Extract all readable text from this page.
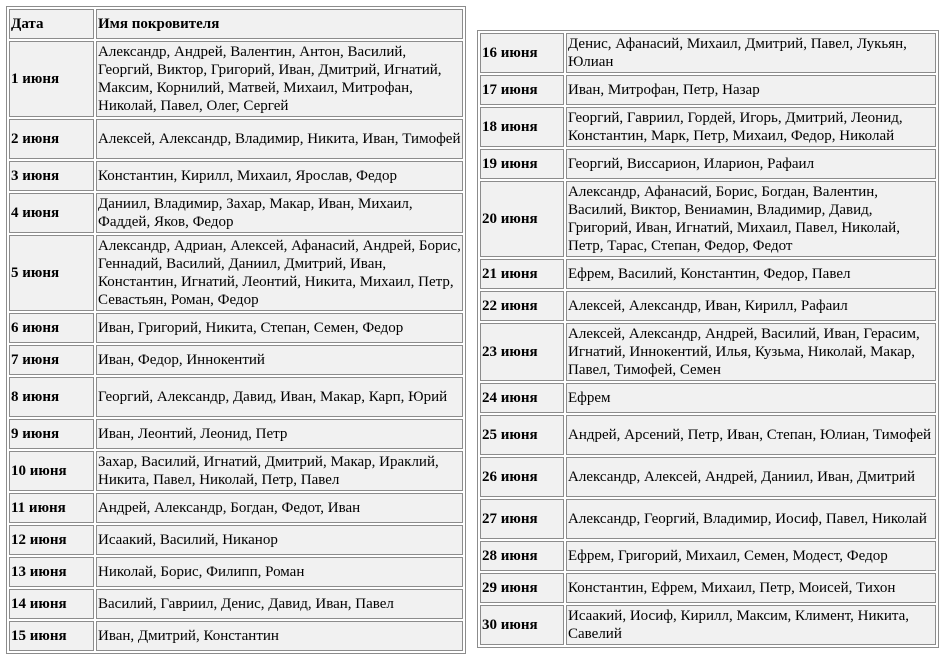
Дата	Имя покровителя
1 июня	Александр, Андрей, Валентин, Антон, Василий, Георгий, Виктор, Григорий, Иван, Дмитрий, Игнатий, Максим, Корнилий, Матвей, Михаил, Митрофан, Николай, Павел, Олег, Сергей
2 июня	Алексей, Александр, Владимир, Никита, Иван, Тимофей
3 июня	Константин, Кирилл, Михаил, Ярослав, Федор
4 июня	Даниил, Владимир, Захар, Макар, Иван, Михаил, Фаддей, Яков, Федор
5 июня	Александр, Адриан, Алексей, Афанасий, Андрей, Борис, Геннадий, Василий, Даниил, Дмитрий, Иван, Константин, Игнатий, Леонтий, Никита, Михаил, Петр, Севастьян, Роман, Федор
6 июня	Иван, Григорий, Никита, Степан, Семен, Федор
7 июня	Иван, Федор, Иннокентий
8 июня	Георгий, Александр, Давид, Иван, Макар, Карп, Юрий
9 июня	Иван, Леонтий, Леонид, Петр
10 июня	Захар, Василий, Игнатий, Дмитрий, Макар, Ираклий, Никита, Павел, Николай, Петр, Павел
11 июня	Андрей, Александр, Богдан, Федот, Иван
12 июня	Исаакий, Василий, Никанор
13 июня	Николай, Борис, Филипп, Роман
14 июня	Василий, Гавриил, Денис, Давид, Иван, Павел
15 июня	Иван, Дмитрий, Константин
16 июня	Денис, Афанасий, Михаил, Дмитрий, Павел, Лукьян, Юлиан
17 июня	Иван, Митрофан, Петр, Назар
18 июня	Георгий, Гавриил, Гордей, Игорь, Дмитрий, Леонид, Константин, Марк, Петр, Михаил, Федор, Николай
19 июня	Георгий, Виссарион, Иларион, Рафаил
20 июня	Александр, Афанасий, Борис, Богдан, Валентин, Василий, Виктор, Вениамин, Владимир, Давид, Григорий, Иван, Игнатий, Михаил, Павел, Николай, Петр, Тарас, Степан, Федор, Федот
21 июня	Ефрем, Василий, Константин, Федор, Павел
22 июня	Алексей, Александр, Иван, Кирилл, Рафаил
23 июня	Алексей, Александр, Андрей, Василий, Иван, Герасим, Игнатий, Иннокентий, Илья, Кузьма, Николай, Макар, Павел, Тимофей, Семен
24 июня	Ефрем
25 июня	Андрей, Арсений, Петр, Иван, Степан, Юлиан, Тимофей
26 июня	Александр, Алексей, Андрей, Даниил, Иван, Дмитрий
27 июня	Александр, Георгий, Владимир, Иосиф, Павел, Николай
28 июня	Ефрем, Григорий, Михаил, Семен, Модест, Федор
29 июня	Константин, Ефрем, Михаил, Петр, Моисей, Тихон
30 июня	Исаакий, Иосиф, Кирилл, Максим, Климент, Никита, Савелий
